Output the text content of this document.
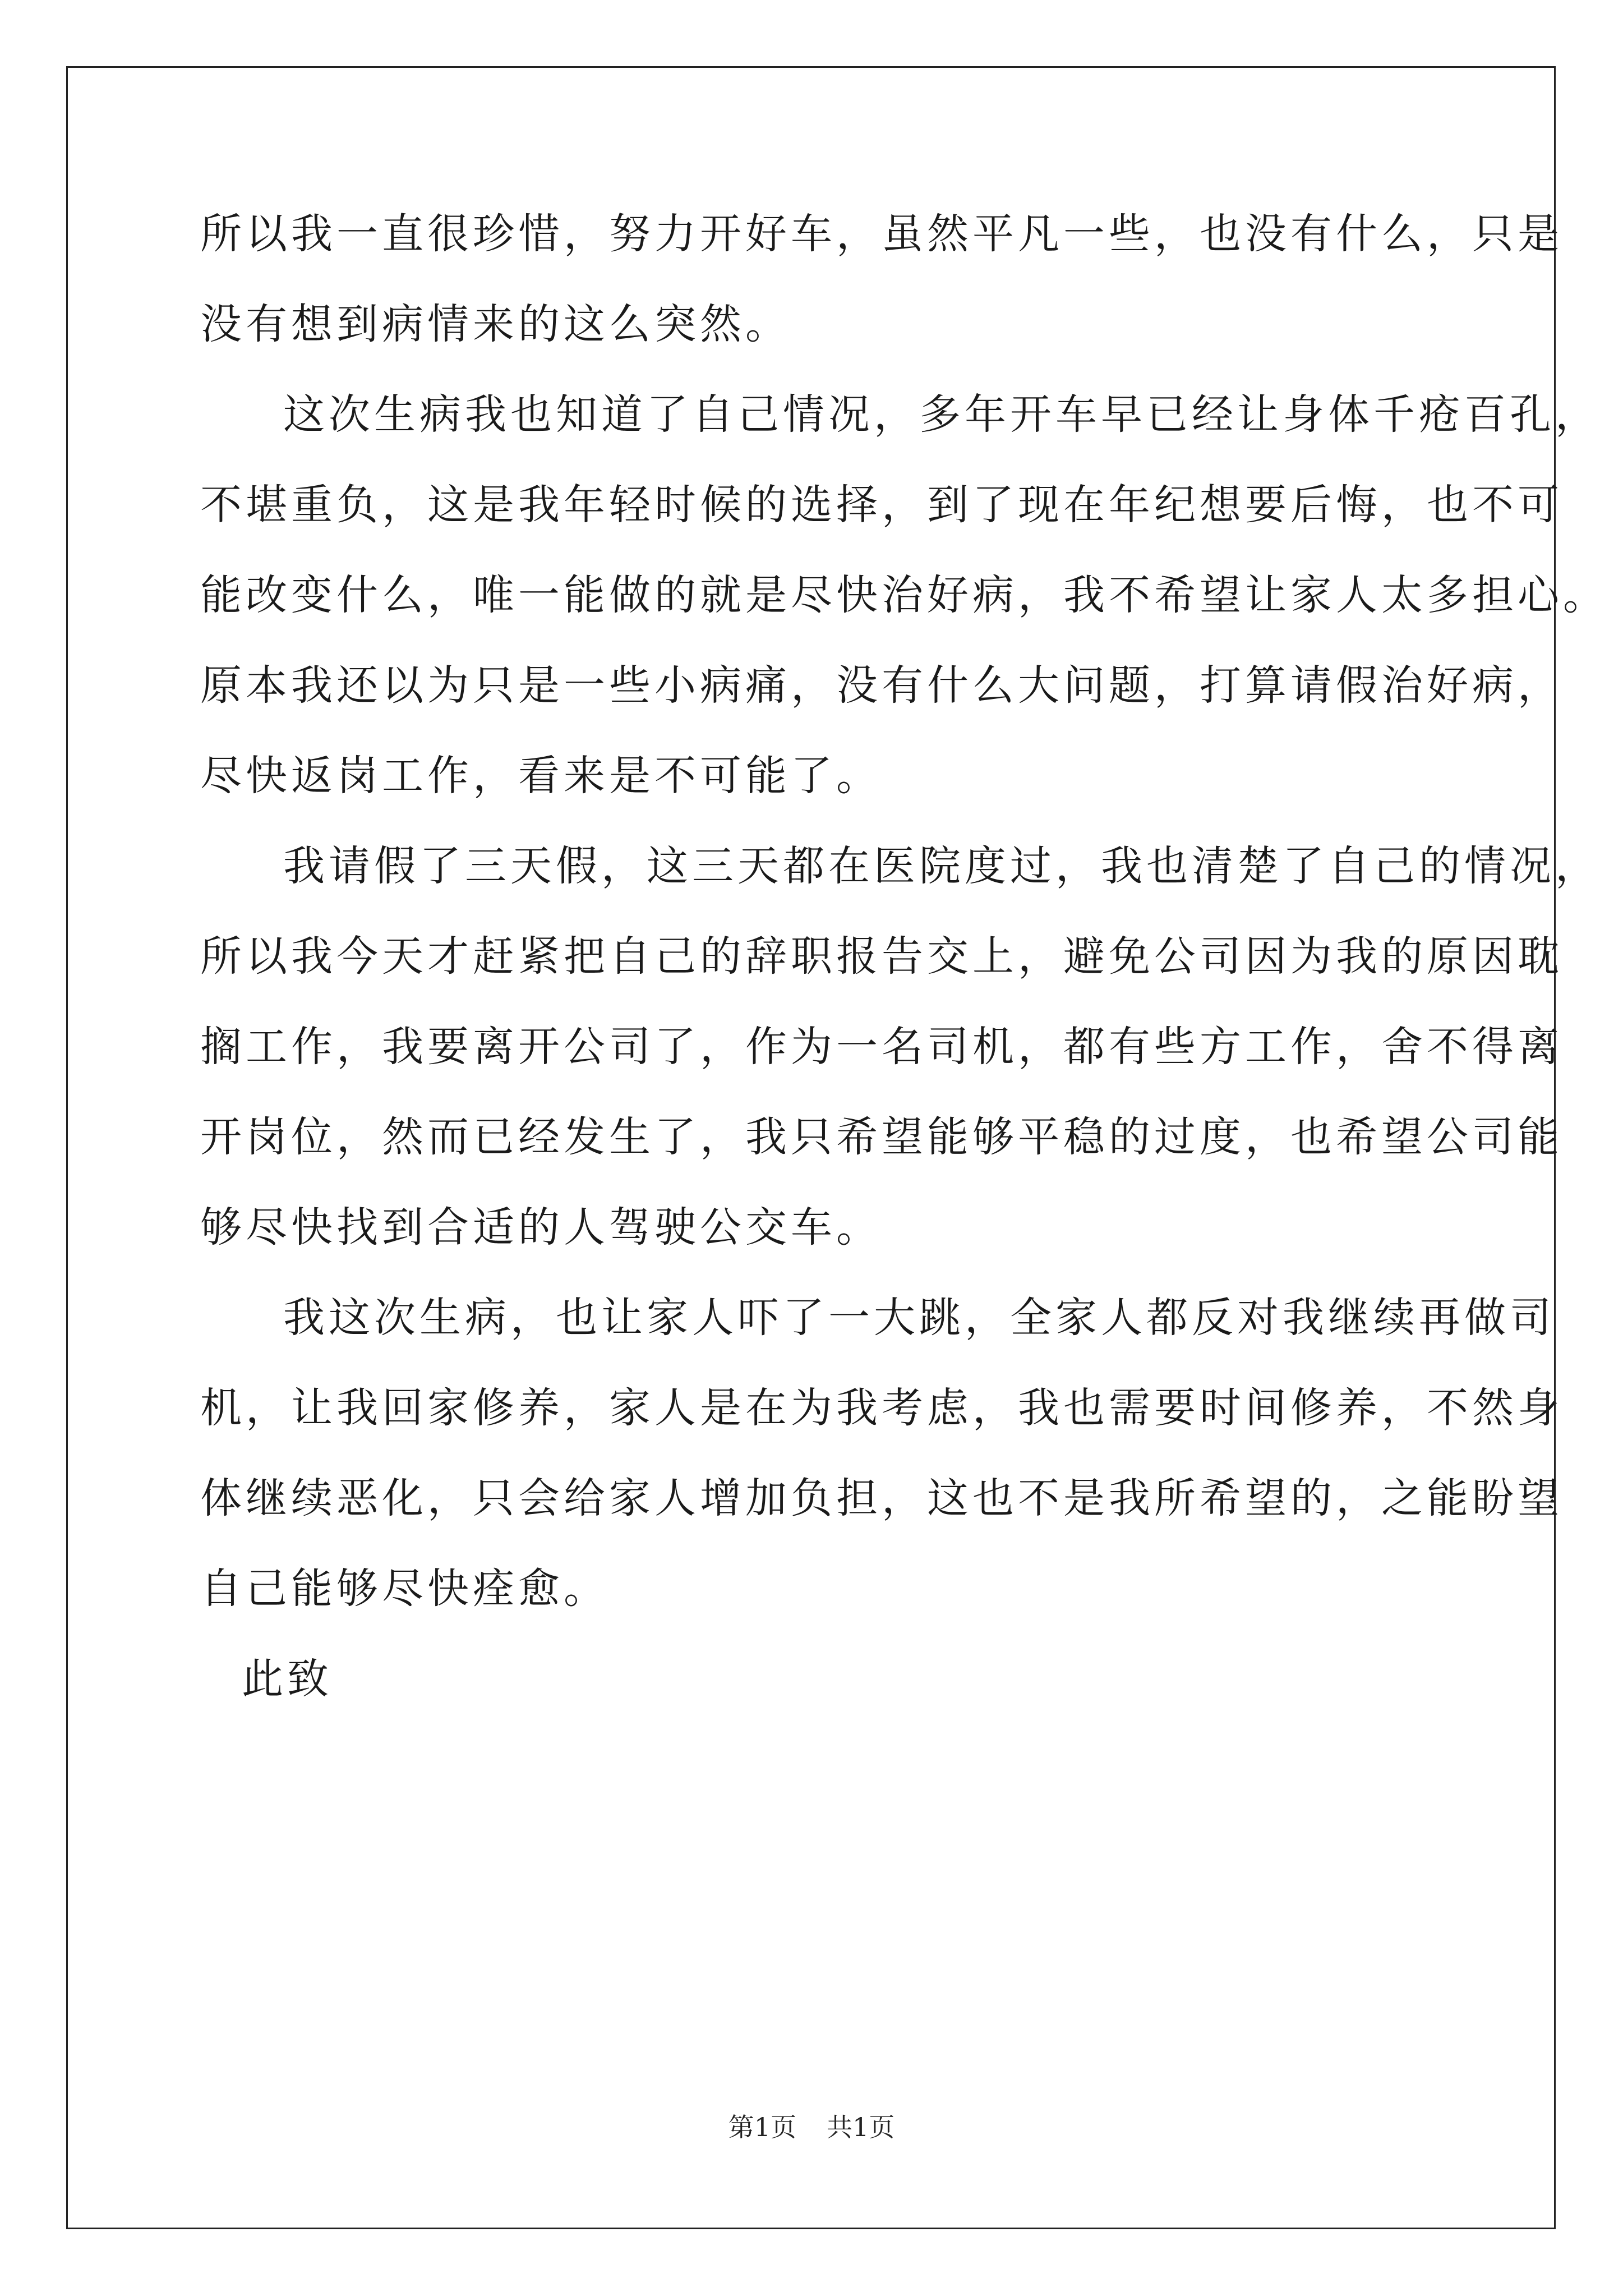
所以我一直很珍惜，努力开好车，虽然平凡一些，也没有什么，只是
没有想到病情来的这么突然。
这次生病我也知道了自己情况，多年开车早已经让身体千疮百孔，
不堪重负，这是我年轻时候的选择，到了现在年纪想要后悔，也不可
能改变什么，唯一能做的就是尽快治好病，我不希望让家人太多担心。
原本我还以为只是一些小病痛，没有什么大问题，打算请假治好病，
尽快返岗工作，看来是不可能了。
我请假了三天假，这三天都在医院度过，我也清楚了自己的情况，
所以我今天才赶紧把自己的辞职报告交上，避免公司因为我的原因耽
搁工作，我要离开公司了，作为一名司机，都有些方工作，舍不得离
开岗位，然而已经发生了，我只希望能够平稳的过度，也希望公司能
够尽快找到合适的人驾驶公交车。
我这次生病，也让家人吓了一大跳，全家人都反对我继续再做司
机，让我回家修养，家人是在为我考虑，我也需要时间修养，不然身
体继续恶化，只会给家人增加负担，这也不是我所希望的，之能盼望
自己能够尽快痊愈。
此致
第1页 共1页
